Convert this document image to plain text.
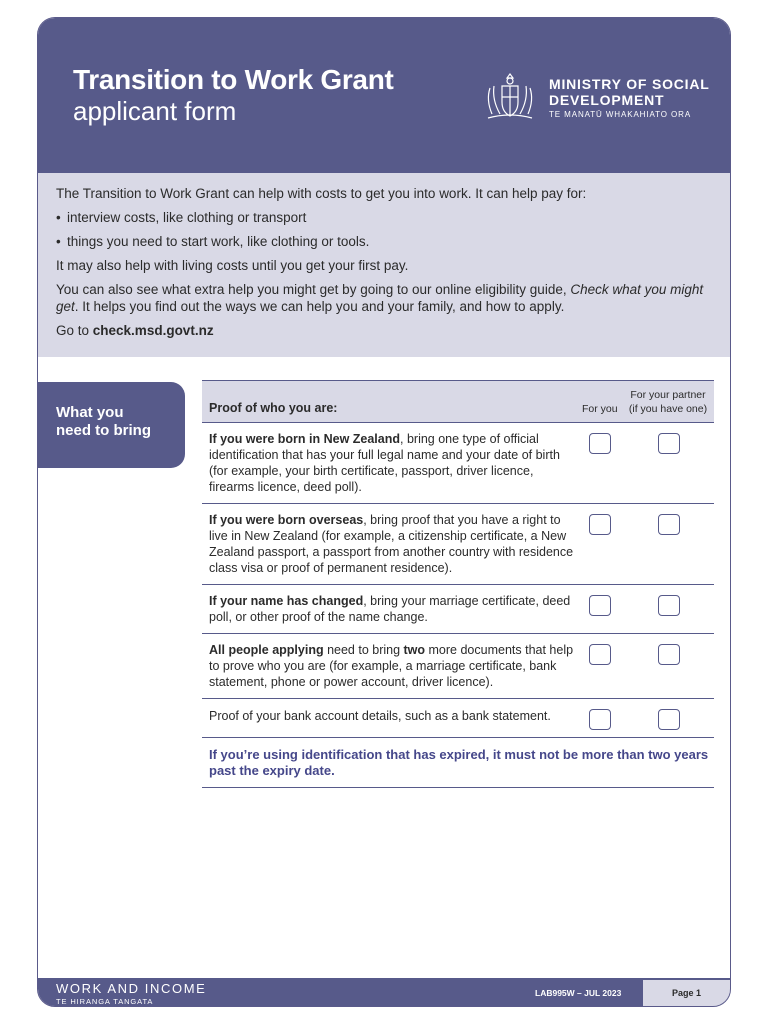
Transition to Work Grant
applicant form
MINISTRY OF SOCIAL
DEVELOPMENT
TE MANATŪ WHAKAHIATO ORA

The Transition to Work Grant can help with costs to get you into work. It can help pay for:

• interview costs, like clothing or transport
• things you need to start work, like clothing or tools.

It may also help with living costs until you get your first pay.

You can also see what extra help you might get by going to our online eligibility guide, Check what you might get. It helps you find out the ways we can help you and your family, and how to apply.

Go to check.msd.govt.nz

What you
need to bring
Proof of who you are:	For you
For your partner
(if you have one)
If you were born in New Zealand, bring one type of official identification that has your full legal name and your date of birth (for example, your birth certificate, passport, driver licence, firearms licence, deed poll).
If you were born overseas, bring proof that you have a right to live in New Zealand (for example, a citizenship certificate, a New Zealand passport, a passport from another country with residence class visa or proof of permanent residence).
If your name has changed, bring your marriage certificate, deed poll, or other proof of the name change.
All people applying need to bring two more documents that help to prove who you are (for example, a marriage certificate, bank statement, phone or power account, driver licence).
Proof of your bank account details, such as a bank statement.
If you’re using identification that has expired, it must not be more than two years past the expiry date.
WORK AND INCOME
TE HIRANGA TANGATA
LAB995W – JUL 2023	Page 1
